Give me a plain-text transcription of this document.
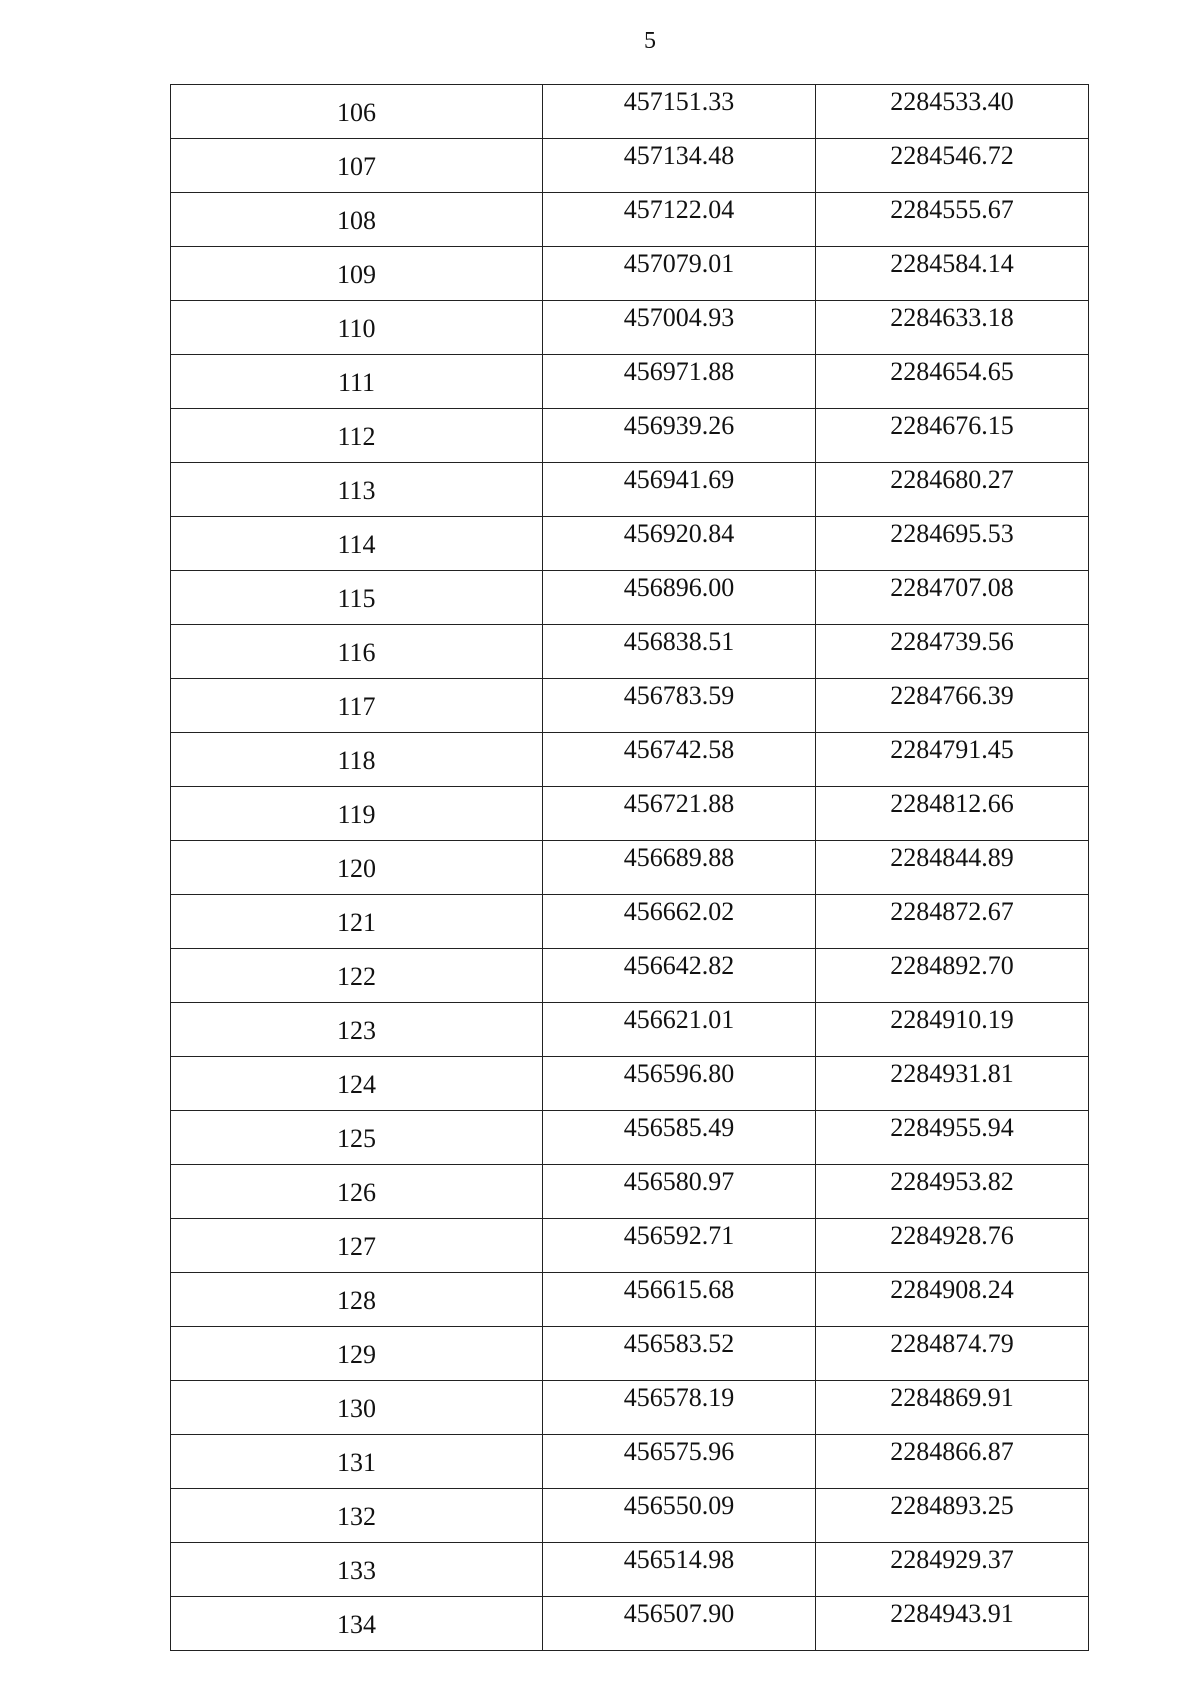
5
106	457151.33	2284533.40
107	457134.48	2284546.72
108	457122.04	2284555.67
109	457079.01	2284584.14
110	457004.93	2284633.18
111	456971.88	2284654.65
112	456939.26	2284676.15
113	456941.69	2284680.27
114	456920.84	2284695.53
115	456896.00	2284707.08
116	456838.51	2284739.56
117	456783.59	2284766.39
118	456742.58	2284791.45
119	456721.88	2284812.66
120	456689.88	2284844.89
121	456662.02	2284872.67
122	456642.82	2284892.70
123	456621.01	2284910.19
124	456596.80	2284931.81
125	456585.49	2284955.94
126	456580.97	2284953.82
127	456592.71	2284928.76
128	456615.68	2284908.24
129	456583.52	2284874.79
130	456578.19	2284869.91
131	456575.96	2284866.87
132	456550.09	2284893.25
133	456514.98	2284929.37
134	456507.90	2284943.91
